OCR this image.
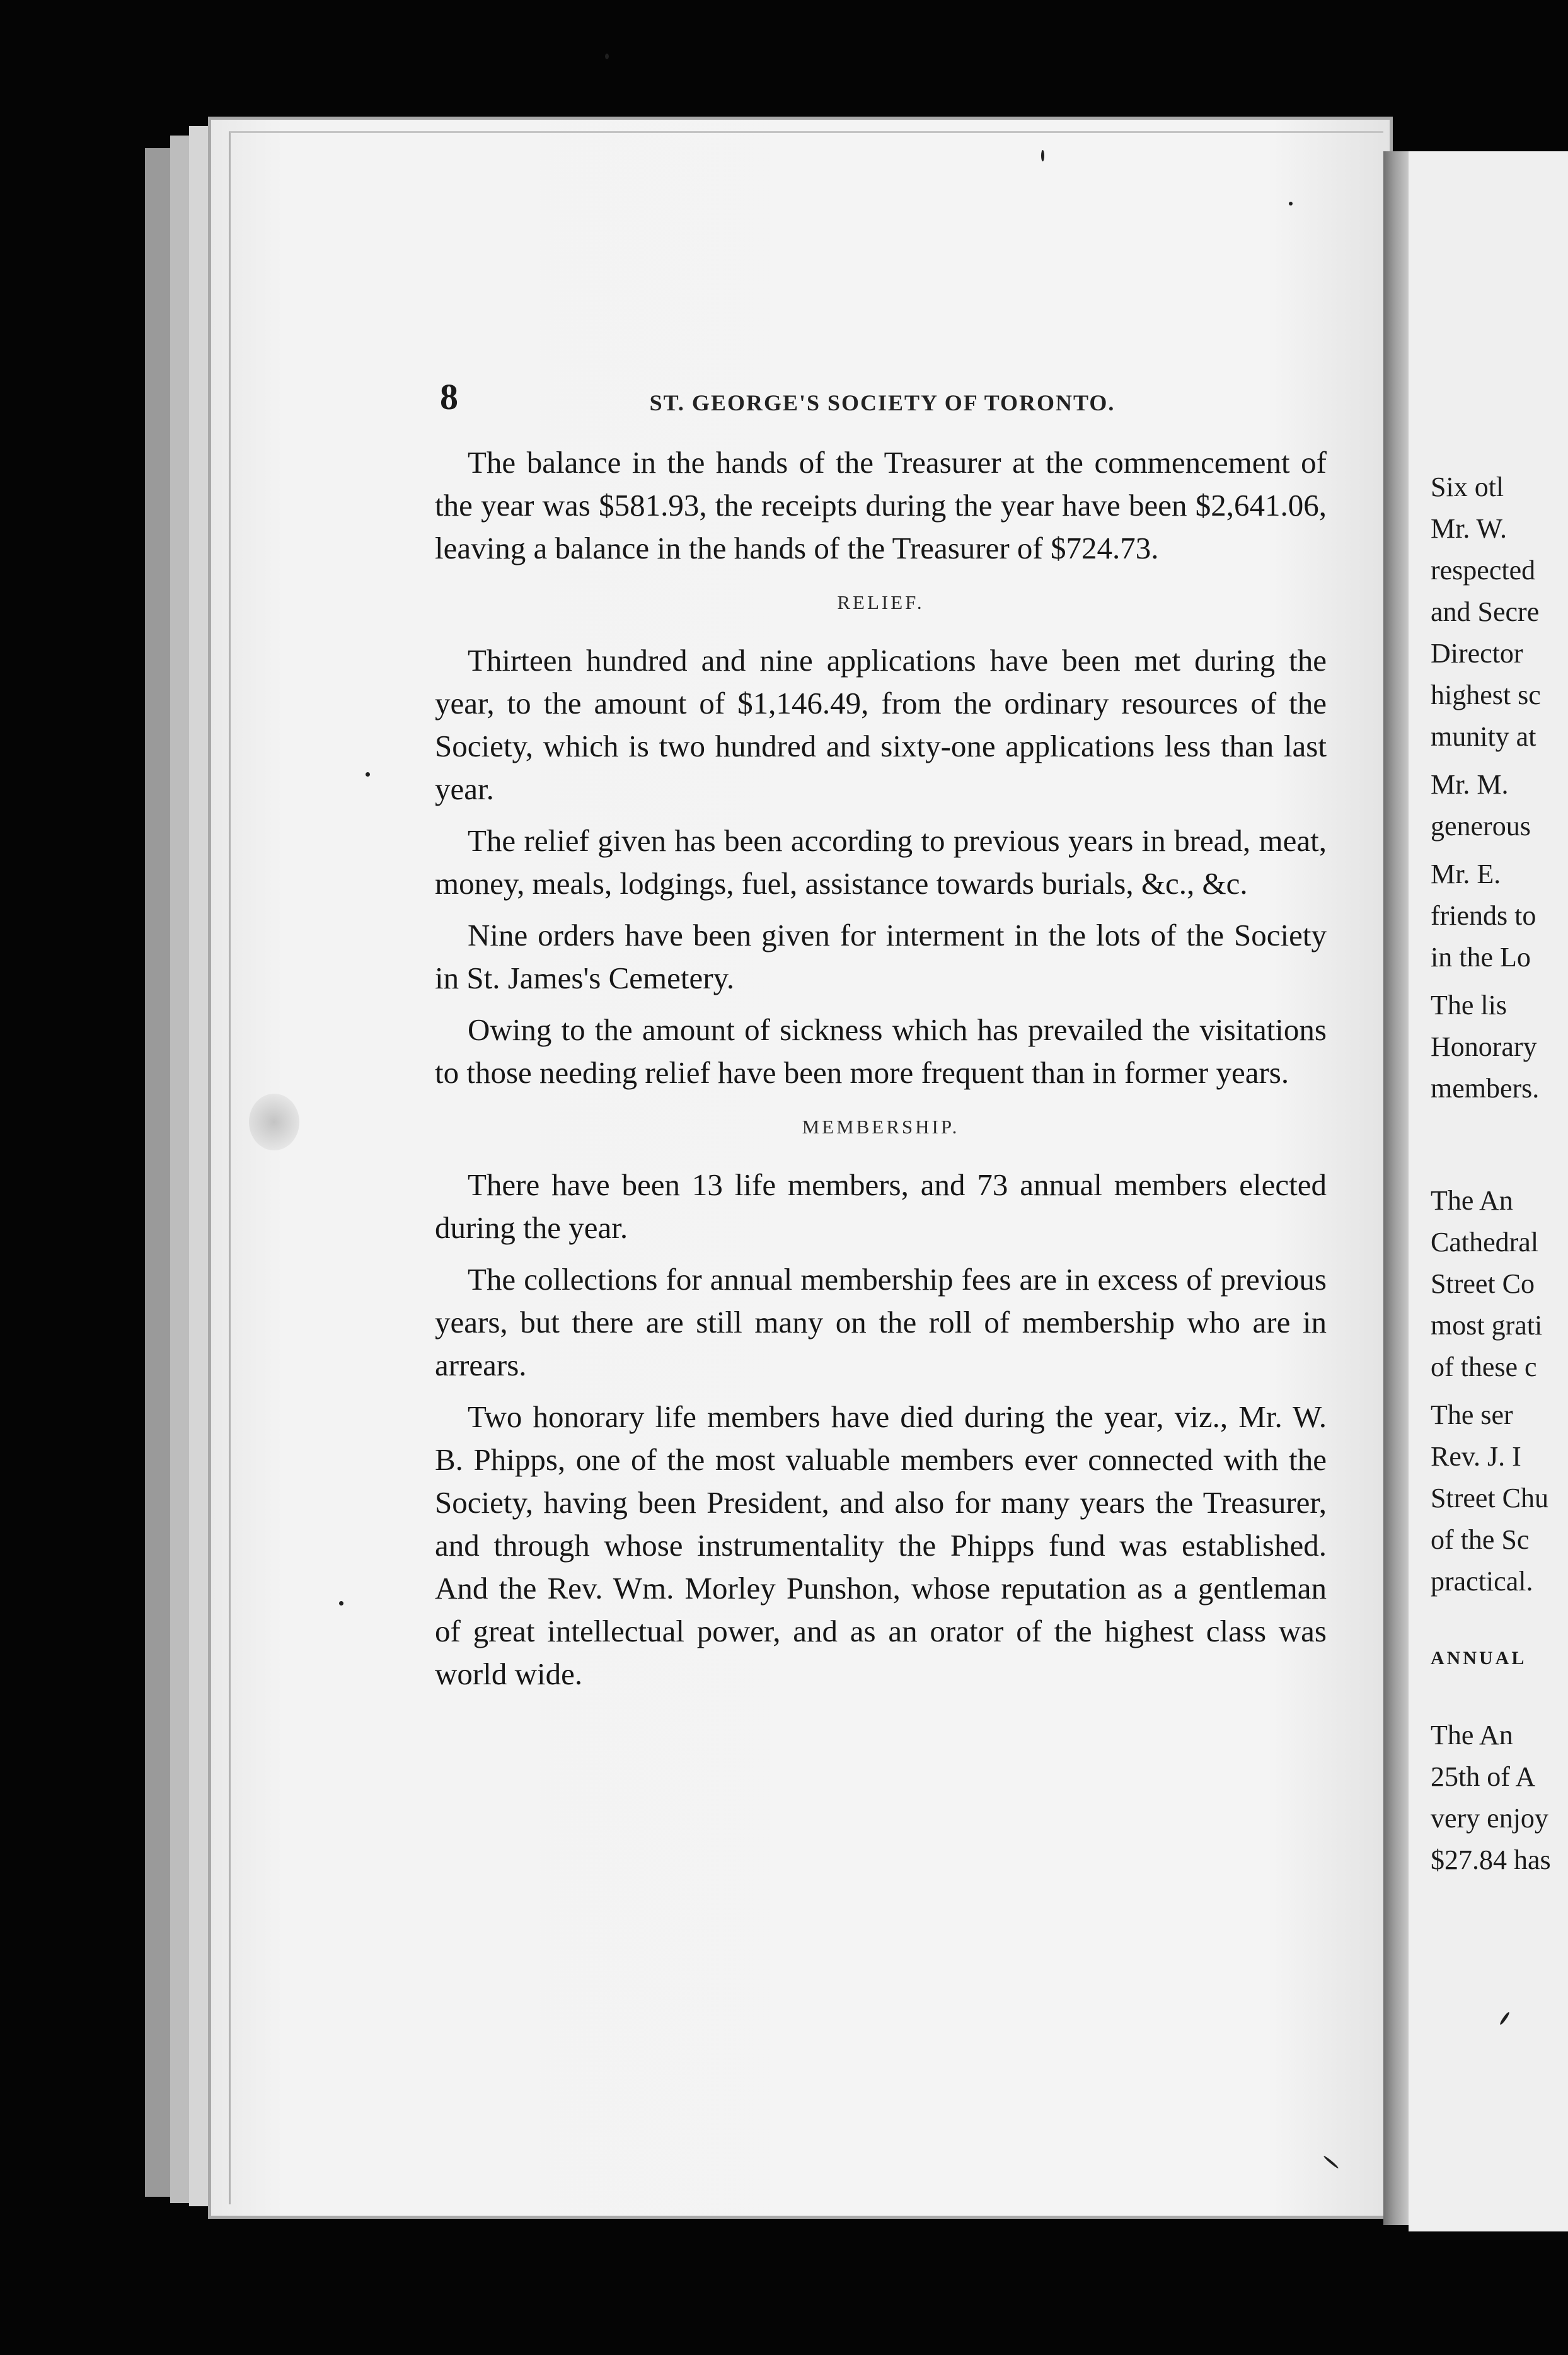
8	ST. GEORGE'S SOCIETY OF TORONTO.

The balance in the hands of the Treasurer at the commencement of the year was $581.93, the receipts during the year have been $2,641.06, leaving a balance in the hands of the Treasurer of $724.73.

RELIEF.

Thirteen hundred and nine applications have been met during the year, to the amount of $1,146.49, from the ordinary resources of the Society, which is two hundred and sixty-one applications less than last year.

The relief given has been according to previous years in bread, meat, money, meals, lodgings, fuel, assistance towards burials, &c., &c.

Nine orders have been given for interment in the lots of the Society in St. James's Cemetery.

Owing to the amount of sickness which has prevailed the visitations to those needing relief have been more frequent than in former years.

MEMBERSHIP.

There have been 13 life members, and 73 annual members elected during the year.

The collections for annual membership fees are in excess of previous years, but there are still many on the roll of membership who are in arrears.

Two honorary life members have died during the year, viz., Mr. W. B. Phipps, one of the most valuable members ever connected with the Society, having been President, and also for many years the Treasurer, and through whose instrumentality the Phipps fund was established. And the Rev. Wm. Morley Punshon, whose reputation as a gentleman of great intellectual power, and as an orator of the highest class was world wide.

Six otl
Mr. W.
respected
and Secre
Director
highest sc
munity at
Mr. M.
generous
Mr. E.
friends to
in the Lo
The lis
Honorary
members.
The An
Cathedral
Street Co
most grati
of these c
The ser
Rev. J. I
Street Chu
of the Sc
practical.
ANNUAL
The An
25th of A
very enjoy
$27.84 has
